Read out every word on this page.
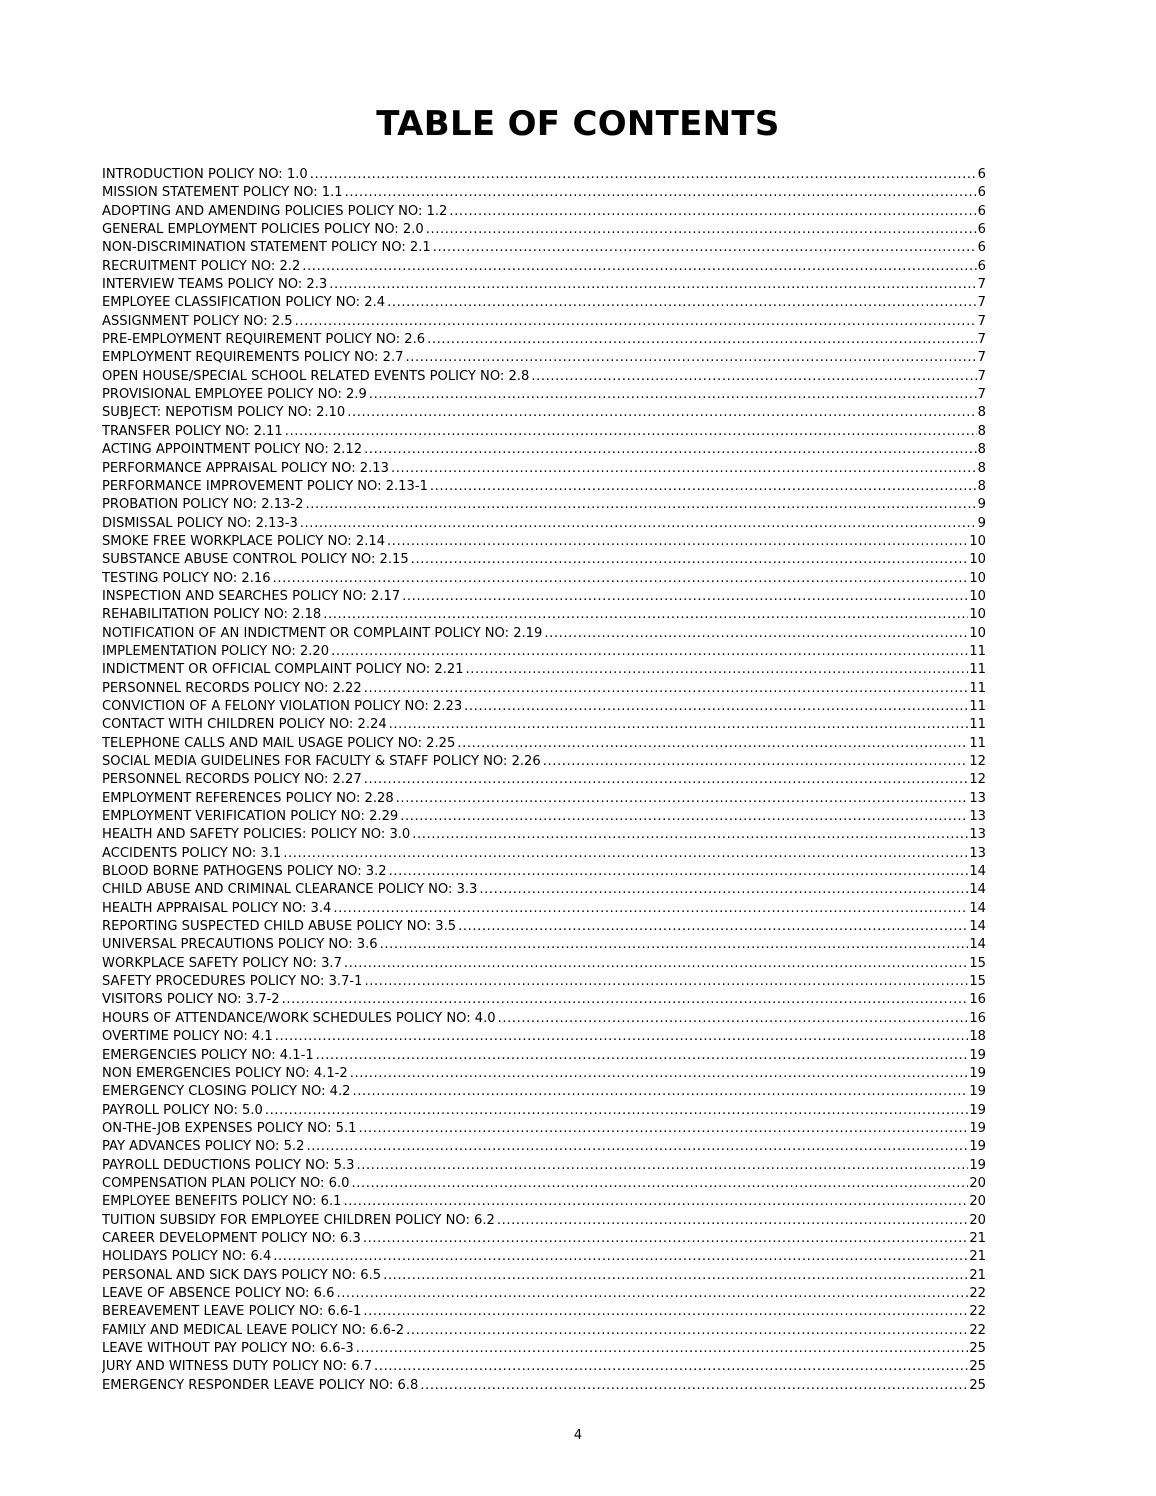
TABLE OF CONTENTS
INTRODUCTION POLICY NO: 1.0 .....	6
MISSION STATEMENT POLICY NO: 1.1 .....	6
ADOPTING AND AMENDING POLICIES POLICY NO: 1.2 .....	6
GENERAL EMPLOYMENT POLICIES POLICY NO: 2.0 .....	6
NON-DISCRIMINATION STATEMENT POLICY NO: 2.1 .....	6
RECRUITMENT POLICY NO: 2.2 .....	6
INTERVIEW TEAMS POLICY NO: 2.3 .....	7
EMPLOYEE CLASSIFICATION POLICY NO: 2.4 .....	7
ASSIGNMENT POLICY NO: 2.5 .....	7
PRE-EMPLOYMENT REQUIREMENT POLICY NO: 2.6 .....	7
EMPLOYMENT REQUIREMENTS POLICY NO: 2.7 .....	7
OPEN HOUSE/SPECIAL SCHOOL RELATED EVENTS POLICY NO: 2.8 .....	7
PROVISIONAL EMPLOYEE POLICY NO: 2.9 .....	7
SUBJECT: NEPOTISM POLICY NO: 2.10 .....	8
TRANSFER POLICY NO: 2.11 .....	8
ACTING APPOINTMENT POLICY NO: 2.12 .....	8
PERFORMANCE APPRAISAL POLICY NO: 2.13 .....	8
PERFORMANCE IMPROVEMENT POLICY NO: 2.13-1 .....	8
PROBATION POLICY NO: 2.13-2 .....	9
DISMISSAL POLICY NO: 2.13-3 .....	9
SMOKE FREE WORKPLACE POLICY NO: 2.14 .....	10
SUBSTANCE ABUSE CONTROL POLICY NO: 2.15 .....	10
TESTING POLICY NO: 2.16 .....	10
INSPECTION AND SEARCHES POLICY NO: 2.17 .....	10
REHABILITATION POLICY NO: 2.18 .....	10
NOTIFICATION OF AN INDICTMENT OR COMPLAINT POLICY NO: 2.19 .....	10
IMPLEMENTATION POLICY NO: 2.20 .....	11
INDICTMENT OR OFFICIAL COMPLAINT POLICY NO: 2.21 .....	11
PERSONNEL RECORDS POLICY NO: 2.22 .....	11
CONVICTION OF A FELONY VIOLATION POLICY NO: 2.23 .....	11
CONTACT WITH CHILDREN POLICY NO: 2.24 .....	11
TELEPHONE CALLS AND MAIL USAGE POLICY NO: 2.25 .....	11
SOCIAL MEDIA GUIDELINES FOR FACULTY & STAFF POLICY NO: 2.26 .....	12
PERSONNEL RECORDS POLICY NO: 2.27 .....	12
EMPLOYMENT REFERENCES POLICY NO: 2.28 .....	13
EMPLOYMENT VERIFICATION POLICY NO: 2.29 .....	13
HEALTH AND SAFETY POLICIES: POLICY NO: 3.0 .....	13
ACCIDENTS POLICY NO: 3.1 .....	13
BLOOD BORNE PATHOGENS POLICY NO: 3.2 .....	14
CHILD ABUSE AND CRIMINAL CLEARANCE POLICY NO: 3.3 .....	14
HEALTH APPRAISAL POLICY NO: 3.4 .....	14
REPORTING SUSPECTED CHILD ABUSE POLICY NO: 3.5 .....	14
UNIVERSAL PRECAUTIONS POLICY NO: 3.6 .....	14
WORKPLACE SAFETY POLICY NO: 3.7 .....	15
SAFETY PROCEDURES POLICY NO: 3.7-1 .....	15
VISITORS POLICY NO: 3.7-2 .....	16
HOURS OF ATTENDANCE/WORK SCHEDULES POLICY NO: 4.0 .....	16
OVERTIME POLICY NO: 4.1 .....	18
EMERGENCIES POLICY NO: 4.1-1 .....	19
NON EMERGENCIES POLICY NO: 4.1-2 .....	19
EMERGENCY CLOSING POLICY NO: 4.2 .....	19
PAYROLL POLICY NO: 5.0 .....	19
ON-THE-JOB EXPENSES POLICY NO: 5.1 .....	19
PAY ADVANCES POLICY NO: 5.2 .....	19
PAYROLL DEDUCTIONS POLICY NO: 5.3 .....	19
COMPENSATION PLAN POLICY NO: 6.0 .....	20
EMPLOYEE BENEFITS POLICY NO: 6.1 .....	20
TUITION SUBSIDY FOR EMPLOYEE CHILDREN POLICY NO: 6.2 .....	20
CAREER DEVELOPMENT POLICY NO: 6.3 .....	21
HOLIDAYS POLICY NO: 6.4 .....	21
PERSONAL AND SICK DAYS POLICY NO: 6.5 .....	21
LEAVE OF ABSENCE POLICY NO: 6.6 .....	22
BEREAVEMENT LEAVE POLICY NO: 6.6-1 .....	22
FAMILY AND MEDICAL LEAVE POLICY NO: 6.6-2 .....	22
LEAVE WITHOUT PAY POLICY NO: 6.6-3 .....	25
JURY AND WITNESS DUTY POLICY NO: 6.7 .....	25
EMERGENCY RESPONDER LEAVE POLICY NO: 6.8 .....	25
4
